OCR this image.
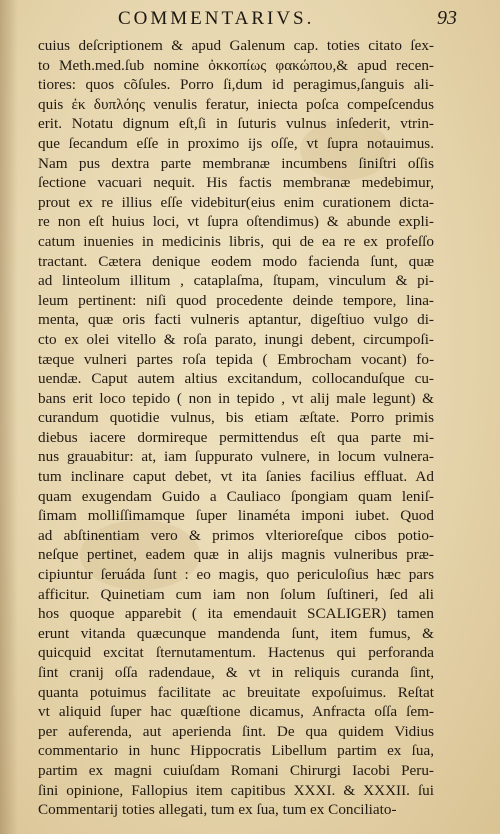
COMMENTARIVS.	93
cuius deſcriptionem & apud Galenum cap. toties citato ſex-
to Meth.med.ſub nomine ὀκκοπίως φακώπου,& apud recen-
tiores: quos cõſules. Porro ſi,dum id peragimus,ſanguis ali-
quis ἐκ δυπλόης venulis feratur, iniecta poſca compeſcendus
erit. Notatu dignum eſt,ſi in ſuturis vulnus inſederit, vtrin-
que ſecandum eſſe in proximo ijs oſſe, vt ſupra notauimus.
Nam pus dextra parte membranæ incumbens ſiniſtri oſſis
ſectione vacuari nequit. His factis membranæ medebimur,
prout ex re illius eſſe videbitur(eius enim curationem dicta-
re non eſt huius loci, vt ſupra oſtendimus) & abunde expli-
catum inuenies in medicinis libris, qui de ea re ex profeſſo
tractant. Cætera denique eodem modo facienda ſunt, quæ
ad linteolum illitum , cataplaſma, ſtupam, vinculum & pi-
leum pertinent: niſi quod procedente deinde tempore, lina-
menta, quæ oris facti vulneris aptantur, digeſtiuo vulgo di-
cto ex olei vitello & roſa parato, inungi debent, circumpoſi-
tæque vulneri partes roſa tepida ( Embrocham vocant) fo-
uendæ. Caput autem altius excitandum, collocanduſque cu-
bans erit loco tepido ( non in tepido , vt alij male legunt) &
curandum quotidie vulnus, bis etiam æſtate. Porro primis
diebus iacere dormireque permittendus eſt qua parte mi-
nus grauabitur: at, iam ſuppurato vulnere, in locum vulnera-
tum inclinare caput debet, vt ita ſanies facilius effluat. Ad
quam exugendam Guido a Cauliaco ſpongiam quam leniſ-
ſimam molliſſimamque ſuper linaméta imponi iubet. Quod
ad abſtinentiam vero & primos vlterioreſque cibos potio-
neſque pertinet, eadem quæ in alijs magnis vulneribus præ-
cipiuntur ſeruáda ſunt : eo magis, quo periculoſius hæc pars
afficitur. Quinetiam cum iam non ſolum ſuſtineri, ſed ali
hos quoque apparebit ( ita emendauit SCALIGER) tamen
erunt vitanda quæcunque mandenda ſunt, item fumus, &
quicquid excitat ſternutamentum. Hactenus qui perforanda
ſint cranij oſſa radendaue, & vt in reliquis curanda ſint,
quanta potuimus facilitate ac breuitate expoſuimus. Reſtat
vt aliquid ſuper hac quæſtione dicamus, Anfracta oſſa ſem-
per auferenda, aut aperienda ſint. De qua quidem Vidius
commentario in hunc Hippocratis Libellum partim ex ſua,
partim ex magni cuiuſdam Romani Chirurgi Iacobi Peru-
ſini opinione, Fallopius item capitibus XXXI. & XXXII. ſui
Commentarij toties allegati, tum ex ſua, tum ex Conciliato-
